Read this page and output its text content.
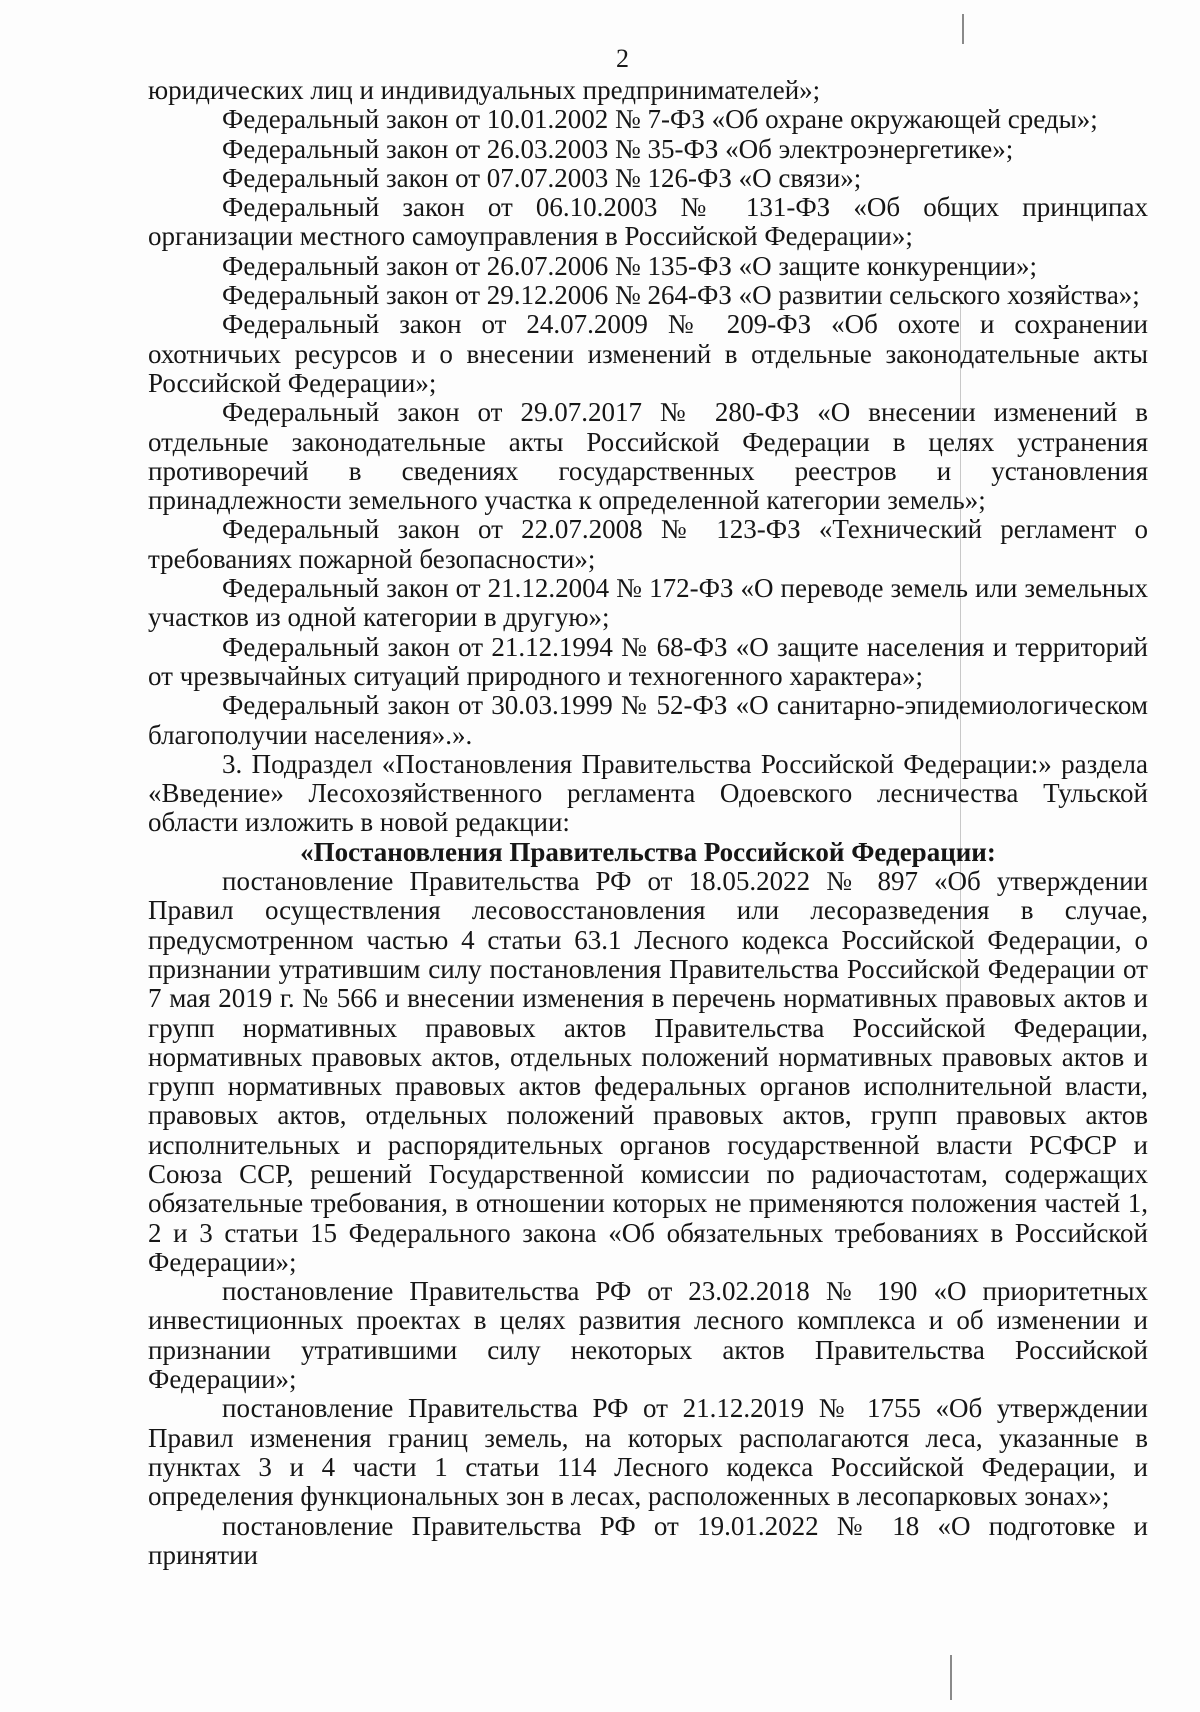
2

юридических лиц и индивидуальных предпринимателей»;

Федеральный закон от 10.01.2002 № 7-ФЗ «Об охране окружающей среды»;

Федеральный закон от 26.03.2003 № 35-ФЗ «Об электроэнергетике»;

Федеральный закон от 07.07.2003 № 126-ФЗ «О связи»;

Федеральный закон от 06.10.2003 № 131-ФЗ «Об общих принципах организации местного самоуправления в Российской Федерации»;

Федеральный закон от 26.07.2006 № 135-ФЗ «О защите конкуренции»;

Федеральный закон от 29.12.2006 № 264-ФЗ «О развитии сельского хозяйства»;

Федеральный закон от 24.07.2009 № 209-ФЗ «Об охоте и сохранении охотничьих ресурсов и о внесении изменений в отдельные законодательные акты Российской Федерации»;

Федеральный закон от 29.07.2017 № 280-ФЗ «О внесении изменений в отдельные законодательные акты Российской Федерации в целях устранения противоречий в сведениях государственных реестров и установления принадлежности земельного участка к определенной категории земель»;

Федеральный закон от 22.07.2008 № 123-ФЗ «Технический регламент о требованиях пожарной безопасности»;

Федеральный закон от 21.12.2004 № 172-ФЗ «О переводе земель или земельных участков из одной категории в другую»;

Федеральный закон от 21.12.1994 № 68-ФЗ «О защите населения и территорий от чрезвычайных ситуаций природного и техногенного характера»;

Федеральный закон от 30.03.1999 № 52-ФЗ «О санитарно-эпидемиологическом благополучии населения».».

3. Подраздел «Постановления Правительства Российской Федерации:» раздела «Введение» Лесохозяйственного регламента Одоевского лесничества Тульской области изложить в новой редакции:

«Постановления Правительства Российской Федерации:

постановление Правительства РФ от 18.05.2022 № 897 «Об утверждении Правил осуществления лесовосстановления или лесоразведения в случае, предусмотренном частью 4 статьи 63.1 Лесного кодекса Российской Федерации, о признании утратившим силу постановления Правительства Российской Федерации от 7 мая 2019 г. № 566 и внесении изменения в перечень нормативных правовых актов и групп нормативных правовых актов Правительства Российской Федерации, нормативных правовых актов, отдельных положений нормативных правовых актов и групп нормативных правовых актов федеральных органов исполнительной власти, правовых актов, отдельных положений правовых актов, групп правовых актов исполнительных и распорядительных органов государственной власти РСФСР и Союза ССР, решений Государственной комиссии по радиочастотам, содержащих обязательные требования, в отношении которых не применяются положения частей 1, 2 и 3 статьи 15 Федерального закона «Об обязательных требованиях в Российской Федерации»;

постановление Правительства РФ от 23.02.2018 № 190 «О приоритетных инвестиционных проектах в целях развития лесного комплекса и об изменении и признании утратившими силу некоторых актов Правительства Российской Федерации»;

постановление Правительства РФ от 21.12.2019 № 1755 «Об утверждении Правил изменения границ земель, на которых располагаются леса, указанные в пунктах 3 и 4 части 1 статьи 114 Лесного кодекса Российской Федерации, и определения функциональных зон в лесах, расположенных в лесопарковых зонах»;

постановление Правительства РФ от 19.01.2022 № 18 «О подготовке и принятии
